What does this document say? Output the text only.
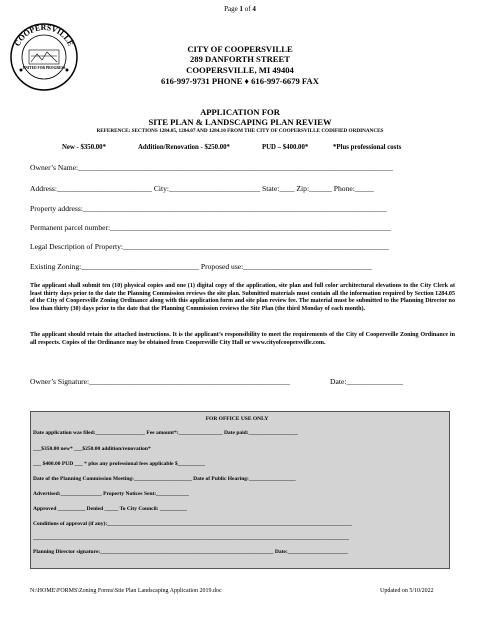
Page 1 of 4
COOPERSVILLE
UNITED FOR PROGRESS
CITY OF COOPERSVILLE
289 DANFORTH STREET
COOPERSVILLE, MI 49404
616-997-9731 PHONE ♦ 616-997-6679 FAX
APPLICATION FOR
SITE PLAN & LANDSCAPING PLAN REVIEW
REFERENCE: SECTIONS 1284.05, 1284.07 AND 1284.10 FROM THE CITY OF COOPERSVILLE CODIFIED ORDINANCES
New - $350.00*	Addition/Renovation - $250.00*	PUD – $400.00*	*Plus professional costs
Owner’s Name:___________________________________________________________________________________
Address:_________________________ City:________________________ State:____ Zip:______ Phone:_____
Property address:________________________________________________________________________________
Permanent parcel number:__________________________________________________________________________
Legal Description of Property:______________________________________________________________________
Existing Zoning:_______________________________ Proposed use:__________________________________
The applicant shall submit ten (10) physical copies and one (1) digital copy of the application, site plan and full color architectural elevations to the City Clerk at least thirty days prior to the date the Planning Commission reviews the site plan. Submitted materials must contain all the information required by Section 1284.05 of the City of Coopersville Zoning Ordinance along with this application form and site plan review fee. The material must be submitted to the Planning Director no less than thirty (30) days prior to the date that the Planning Commission reviews the Site Plan (the third Monday of each month).
The applicant should retain the attached instructions. It is the applicant’s responsibility to meet the requirements of the City of Coopersville Zoning Ordinance in all respects. Copies of the Ordinance may be obtained from Coopersville City Hall or www.cityofcoopersville.com.
Owner’s Signature:_____________________________________________________	Date:_______________
FOR OFFICE USE ONLY
Date application was filed:__________________ Fee amount*:________________ Date paid:__________________
___$350.00 new* ___$250.00 addition/renovation*
___ $400.00 PUD ___ * plus any professional fees applicable $__________
Date of the Planning Commission Meeting:_____________________ Date of Public Hearing:_________________
Advertised:_______________ Property Notices Sent:____________
Approved __________ Denied _____ To City Council: __________
Conditions of approval (if any):_________________________________________________________________________________________
___________________________________________________________________________________________________________________
Planning Director signature:_______________________________________________________________ Date:______________________
N:\HOME\FORMS\Zoning Forms\Site Plan Landscaping Application 2019.doc	Updated on 5/10/2022
